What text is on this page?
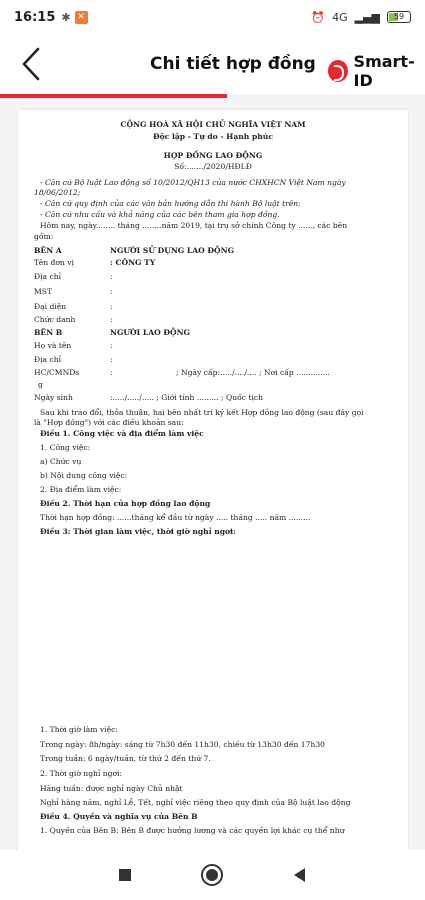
16:15 ✱ ✕	⏰ 4G ▂▄▆	59
Chi tiết hợp đồng Smart-ID
CỘNG HOÀ XÃ HỘI CHỦ NGHĨA VIỆT NAM
Độc lập - Tự do - Hạnh phúc
HỢP ĐỒNG LAO ĐỘNG
Số:......./2020/HĐLĐ
- Căn cứ Bộ luật Lao động số 10/2012/QH13 của nước CHXHCN Việt Nam ngày
18/06/2012;
- Căn cứ quy định của các văn bản hướng dẫn thi hành Bộ luật trên;
- Căn cứ nhu cầu và khả năng của các bên tham gia hợp đồng.
Hôm nay, ngày........ tháng ........năm 2019, tại trụ sở chính Công ty ......, các bên
gồm:
BÊN A	NGƯỜI SỬ DỤNG LAO ĐỘNG
Tên đơn vị	: CÔNG TY
Địa chỉ	:
MST	:
Đại diện	:
Chức danh	:
BÊN B	NGƯỜI LAO ĐỘNG
Họ và tên	:
Địa chỉ	:
HC/CMNDs	:	; Ngày cấp:...../..../.... ; Nơi cấp ..............
g
Ngày sinh	:...../...../..... ; Giới tính ......... ; Quốc tịch
Sau khi trao đổi, thỏa thuận, hai bên nhất trí ký kết Hợp đồng lao động (sau đây gọi
là "Hợp đồng") với các điều khoản sau:
Điều 1. Công việc và địa điểm làm việc
1. Công việc:
a) Chức vụ
b) Nội dung công việc:
2. Địa điểm làm việc:
Điều 2. Thời hạn của hợp đồng lao động
Thời hạn hợp đồng: ......tháng kể đầu từ ngày ..... tháng ..... năm .........
Điều 3: Thời gian làm việc, thời giờ nghỉ ngơi:
1. Thời giờ làm việc:
Trong ngày: 8h/ngày: sáng từ 7h30 đến 11h30, chiều từ 13h30 đến 17h30
Trong tuần: 6 ngày/tuần, từ thứ 2 đến thứ 7.
2. Thời giờ nghỉ ngơi:
Hàng tuần: được nghỉ ngày Chủ nhật
Nghỉ hàng năm, nghỉ Lễ, Tết, nghỉ việc riêng theo quy định của Bộ luật lao động
Điều 4. Quyền và nghĩa vụ của Bên B
1. Quyền của Bên B: Bên B được hưởng lương và các quyền lợi khác cụ thể như
